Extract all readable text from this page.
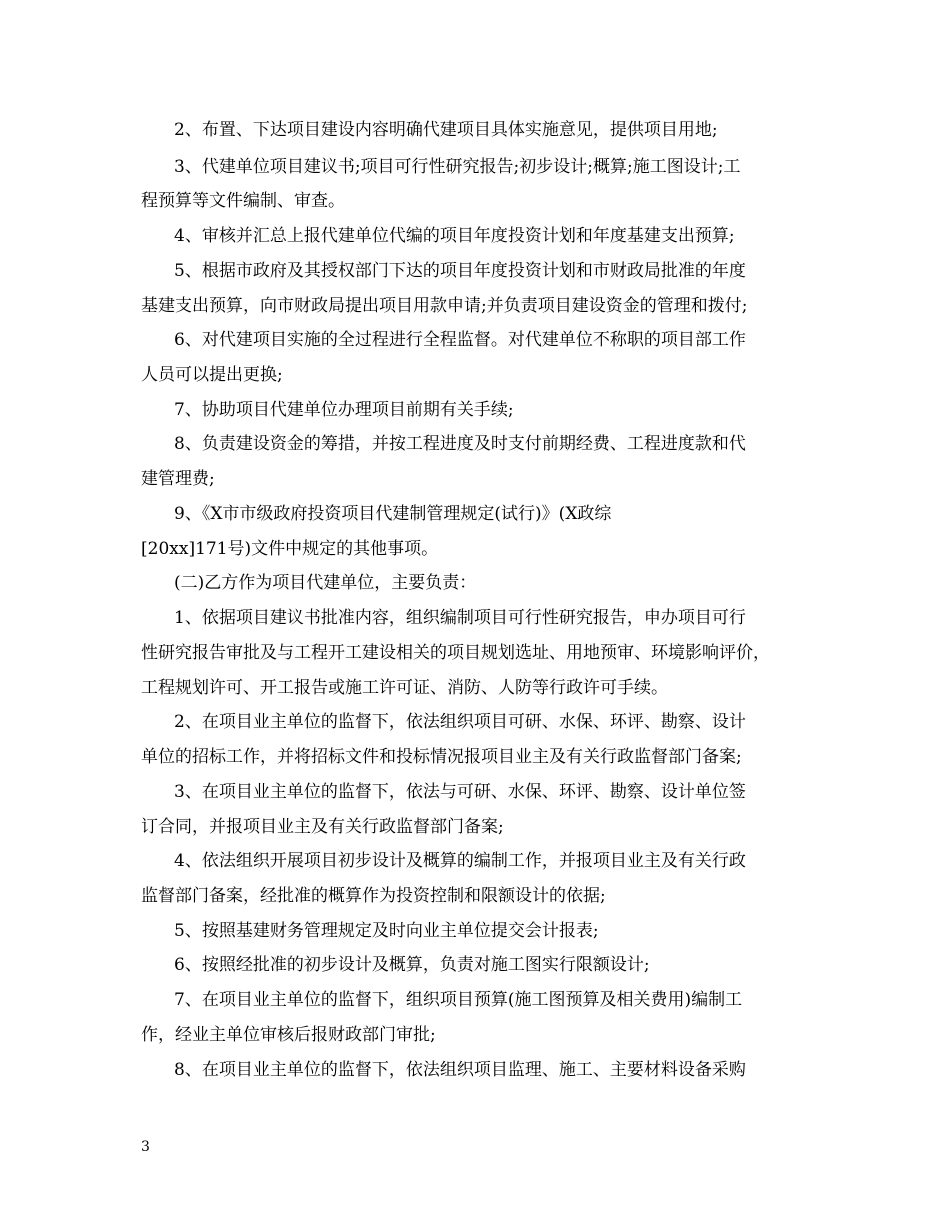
2、布置、下达项目建设内容明确代建项目具体实施意见，提供项目用地;
3、代建单位项目建议书;项目可行性研究报告;初步设计;概算;施工图设计;工
程预算等文件编制、审查。
4、审核并汇总上报代建单位代编的项目年度投资计划和年度基建支出预算;
5、根据市政府及其授权部门下达的项目年度投资计划和市财政局批准的年度
基建支出预算，向市财政局提出项目用款申请;并负责项目建设资金的管理和拨付;
6、对代建项目实施的全过程进行全程监督。对代建单位不称职的项目部工作
人员可以提出更换;
7、协助项目代建单位办理项目前期有关手续;
8、负责建设资金的筹措，并按工程进度及时支付前期经费、工程进度款和代
建管理费;
9、《X市市级政府投资项目代建制管理规定(试行)》(X政综
[20xx]171号)文件中规定的其他事项。
(二)乙方作为项目代建单位，主要负责：
1、依据项目建议书批准内容，组织编制项目可行性研究报告，申办项目可行
性研究报告审批及与工程开工建设相关的项目规划选址、用地预审、环境影响评价，
工程规划许可、开工报告或施工许可证、消防、人防等行政许可手续。
2、在项目业主单位的监督下，依法组织项目可研、水保、环评、勘察、设计
单位的招标工作，并将招标文件和投标情况报项目业主及有关行政监督部门备案;
3、在项目业主单位的监督下，依法与可研、水保、环评、勘察、设计单位签
订合同，并报项目业主及有关行政监督部门备案;
4、依法组织开展项目初步设计及概算的编制工作，并报项目业主及有关行政
监督部门备案，经批准的概算作为投资控制和限额设计的依据;
5、按照基建财务管理规定及时向业主单位提交会计报表;
6、按照经批准的初步设计及概算，负责对施工图实行限额设计;
7、在项目业主单位的监督下，组织项目预算(施工图预算及相关费用)编制工
作，经业主单位审核后报财政部门审批;
8、在项目业主单位的监督下，依法组织项目监理、施工、主要材料设备采购
3
